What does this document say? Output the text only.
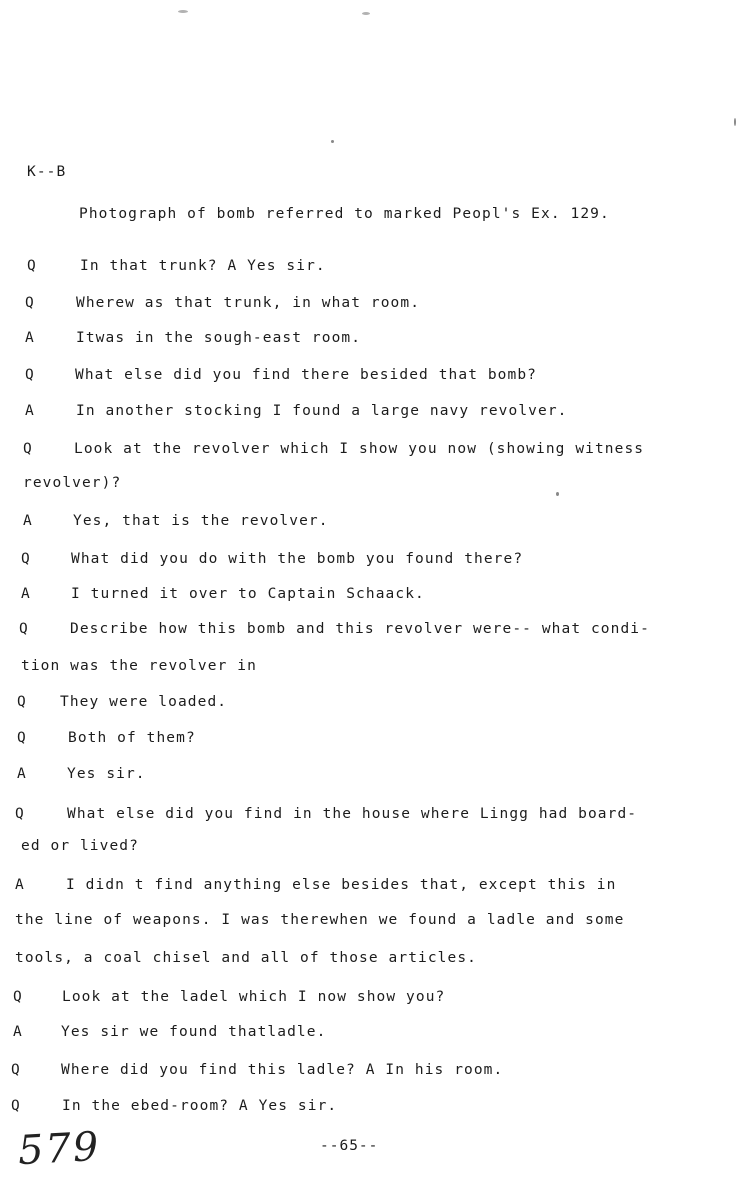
K--B
Photograph of bomb referred to marked Peopl's Ex. 129.
Q	In that trunk? A Yes sir.
Q	Wherew as that trunk, in what room.
A	Itwas in the sough-east room.
Q	What else did you find there besided that bomb?
A	In another stocking I found a large navy revolver.
Q	Look at the revolver which I show you now (showing witness
revolver)?
A	Yes, that is the revolver.
Q	What did you do with the bomb you found there?
A	I turned it over to Captain Schaack.
Q	Describe how this bomb and this revolver were-- what condi-
tion was the revolver in
Q They were loaded.
Q	Both of them?
A	Yes sir.
Q	What else did you find in the house where Lingg had board-
ed or lived?
A	I didn t find anything else besides that, except this in
the line of weapons. I was therewhen we found a ladle and some
tools, a coal chisel and all of those articles.
Q	Look at the ladel which I now show you?
A	Yes sir we found thatladle.
Q	Where did you find this ladle? A In his room.
Q	In the ebed-room? A Yes sir.
579	--65--
